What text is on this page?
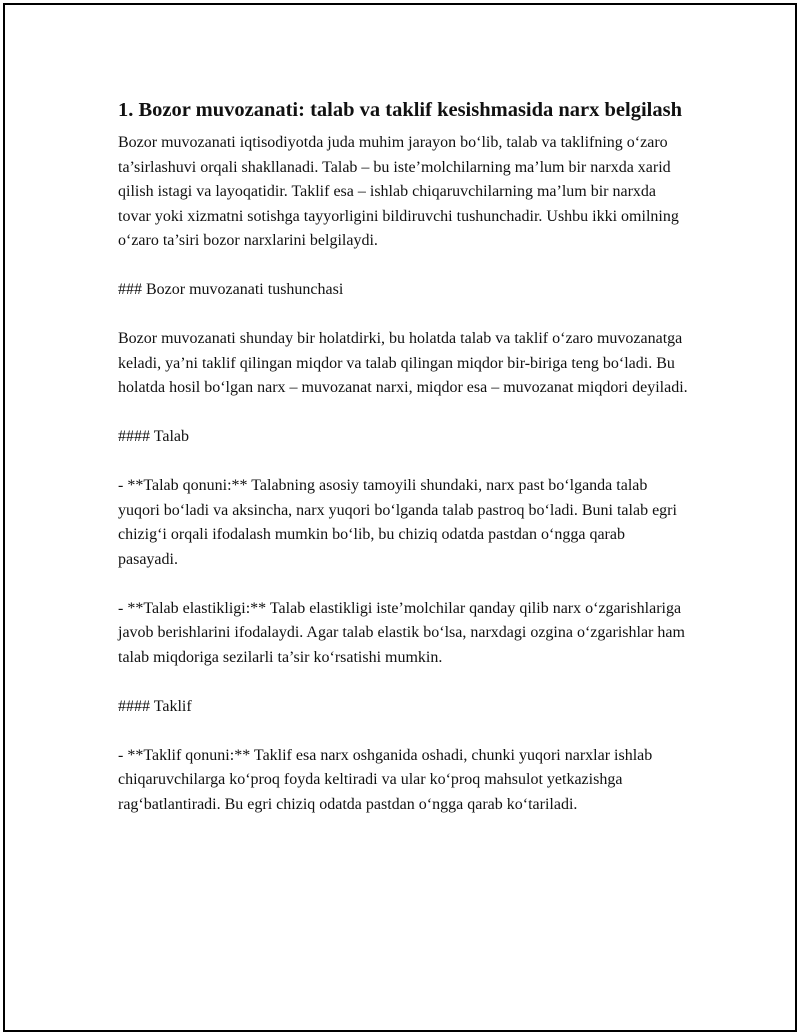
1. Bozor muvozanati: talab va taklif kesishmasida narx belgilash

Bozor muvozanati iqtisodiyotda juda muhim jarayon bo‘lib, talab va taklifning o‘zaro ta’sirlashuvi orqali shakllanadi. Talab – bu iste’molchilarning ma’lum bir narxda xarid qilish istagi va layoqatidir. Taklif esa – ishlab chiqaruvchilarning ma’lum bir narxda tovar yoki xizmatni sotishga tayyorligini bildiruvchi tushunchadir. Ushbu ikki omilning o‘zaro ta’siri bozor narxlarini belgilaydi.

### Bozor muvozanati tushunchasi

Bozor muvozanati shunday bir holatdirki, bu holatda talab va taklif o‘zaro muvozanatga keladi, ya’ni taklif qilingan miqdor va talab qilingan miqdor bir-biriga teng bo‘ladi. Bu holatda hosil bo‘lgan narx – muvozanat narxi, miqdor esa – muvozanat miqdori deyiladi.

#### Talab

- **Talab qonuni:** Talabning asosiy tamoyili shundaki, narx past bo‘lganda talab yuqori bo‘ladi va aksincha, narx yuqori bo‘lganda talab pastroq bo‘ladi. Buni talab egri chizig‘i orqali ifodalash mumkin bo‘lib, bu chiziq odatda pastdan o‘ngga qarab pasayadi.

- **Talab elastikligi:** Talab elastikligi iste’molchilar qanday qilib narx o‘zgarishlariga javob berishlarini ifodalaydi. Agar talab elastik bo‘lsa, narxdagi ozgina o‘zgarishlar ham talab miqdoriga sezilarli ta’sir ko‘rsatishi mumkin.

#### Taklif

- **Taklif qonuni:** Taklif esa narx oshganida oshadi, chunki yuqori narxlar ishlab chiqaruvchilarga ko‘proq foyda keltiradi va ular ko‘proq mahsulot yetkazishga rag‘batlantiradi. Bu egri chiziq odatda pastdan o‘ngga qarab ko‘tariladi.
